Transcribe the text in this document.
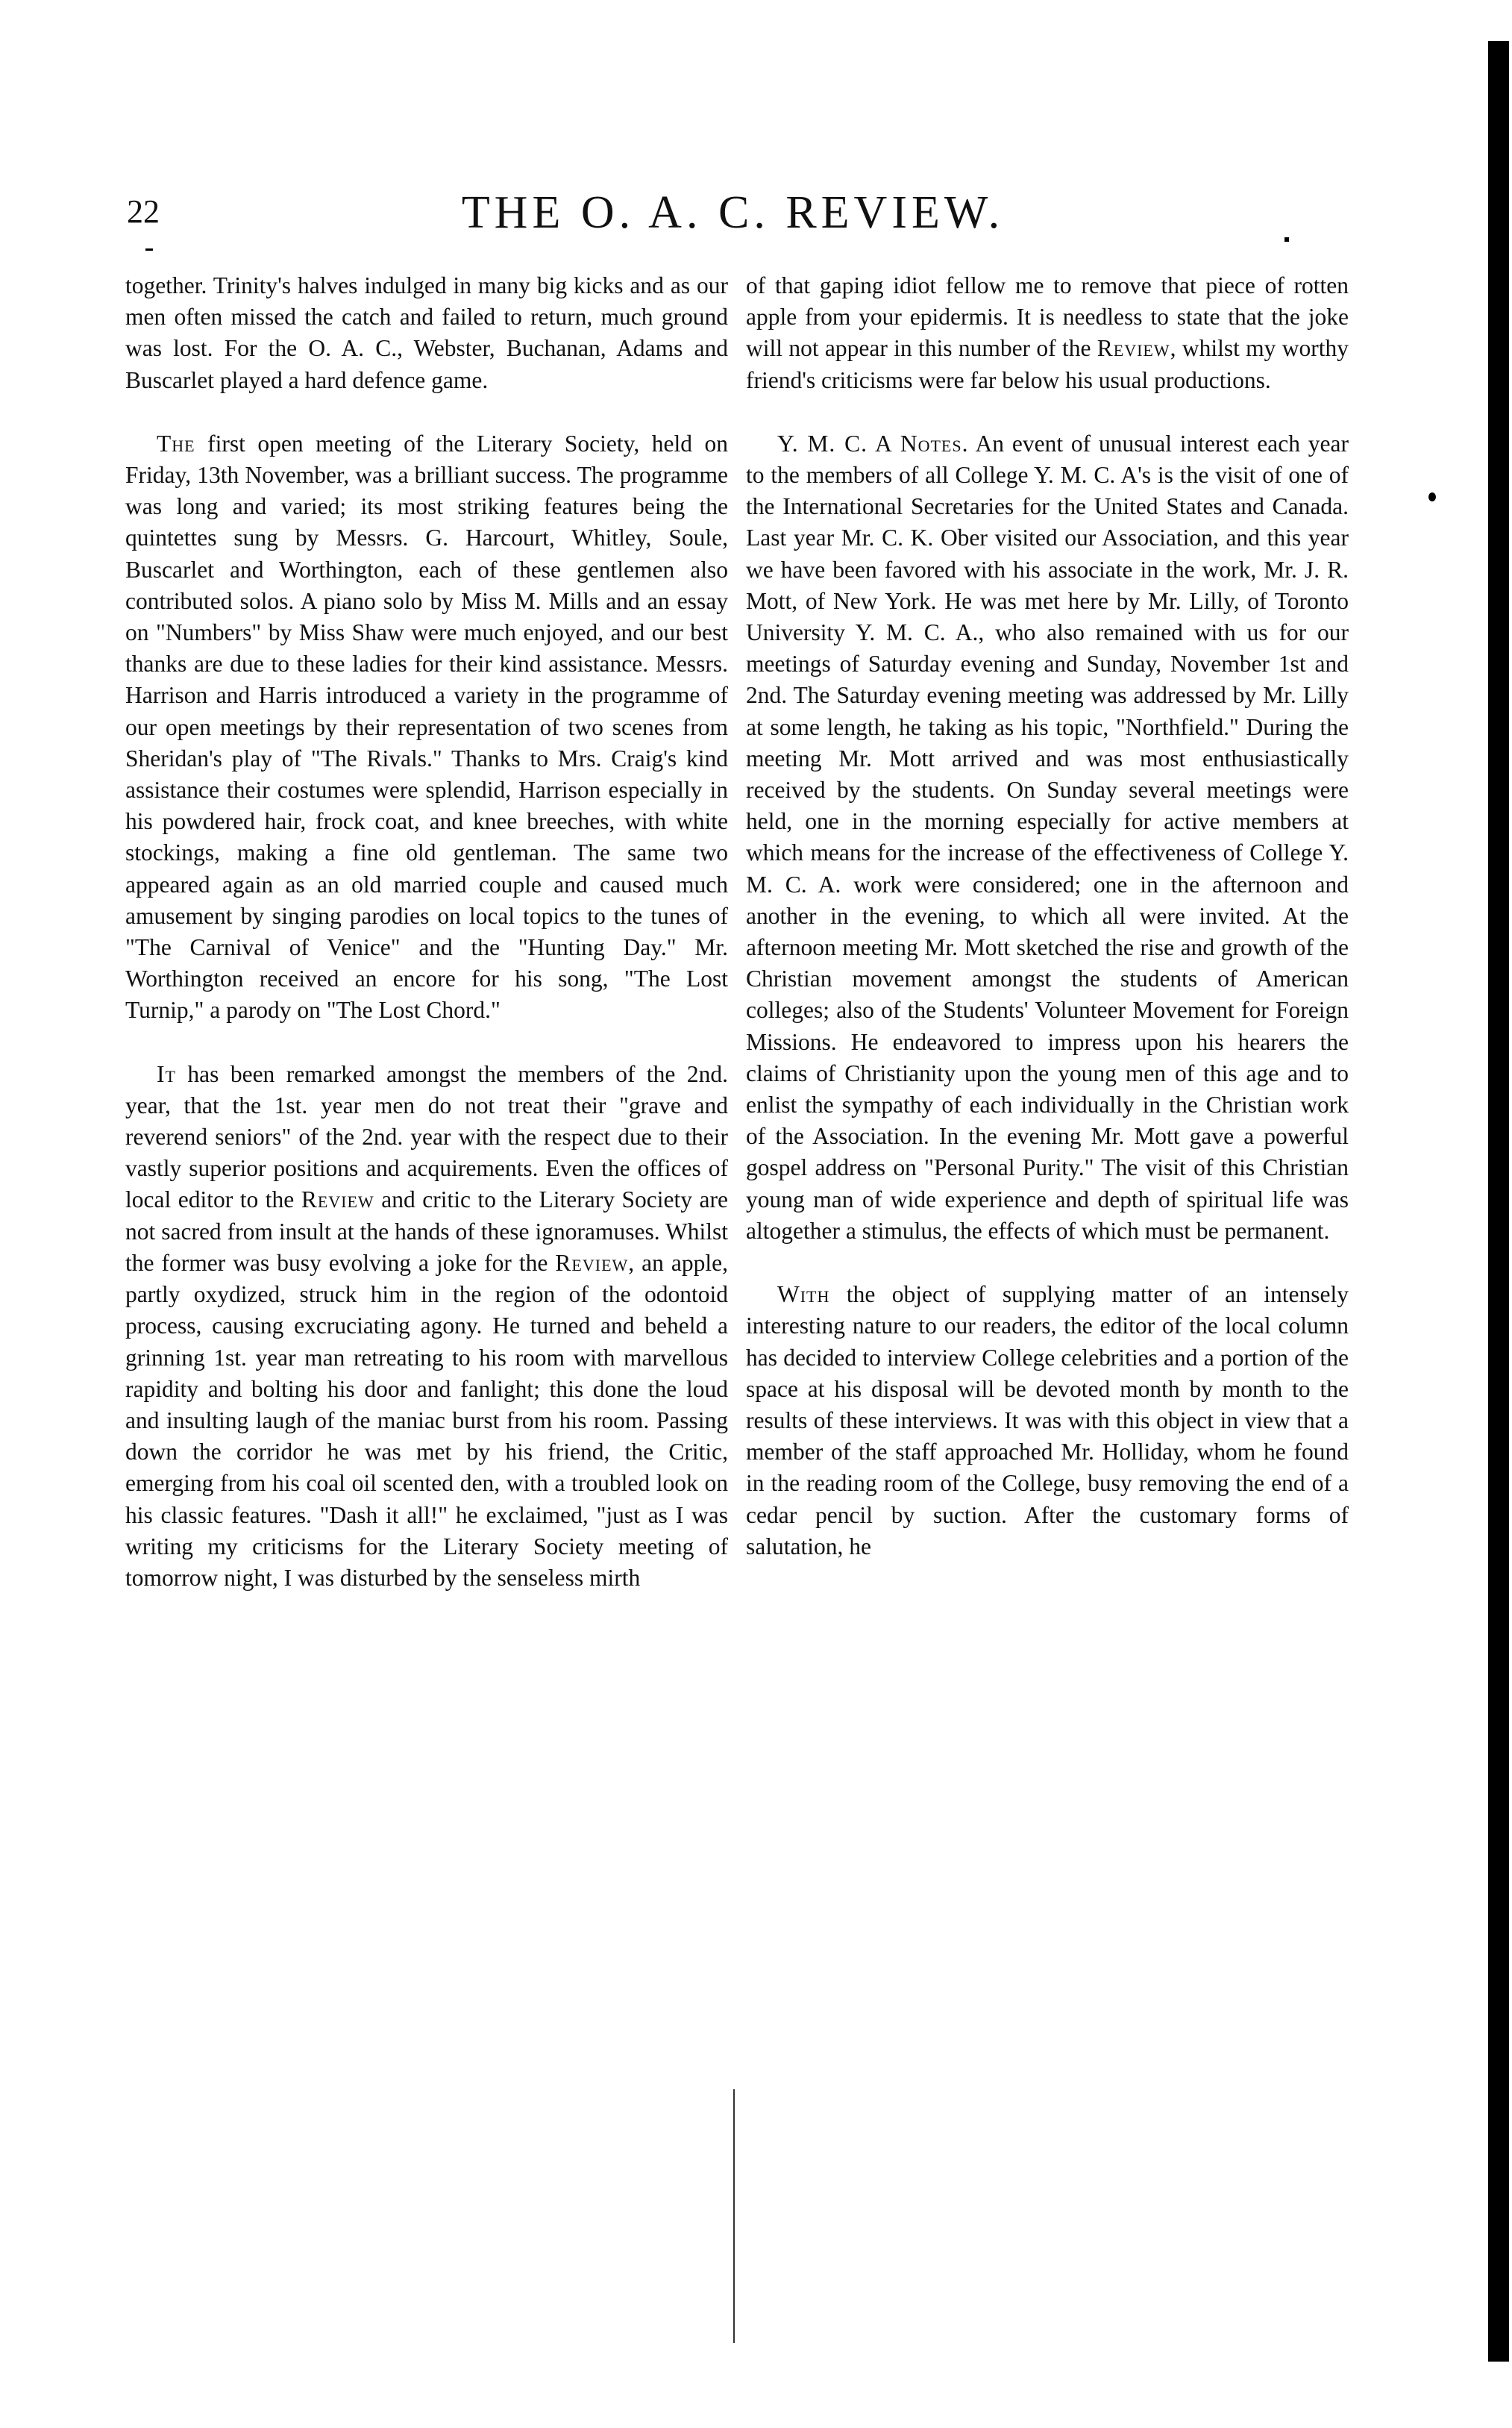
22	THE O. A. C. REVIEW.

together. Trinity's halves indulged in many big kicks and as our men often missed the catch and failed to return, much ground was lost. For the O. A. C., Webster, Buchanan, Adams and Buscarlet played a hard defence game.

The first open meeting of the Literary Society, held on Friday, 13th November, was a brilliant success. The programme was long and varied; its most striking features being the quintettes sung by Messrs. G. Harcourt, Whitley, Soule, Buscarlet and Worthington, each of these gentlemen also contributed solos. A piano solo by Miss M. Mills and an essay on "Numbers" by Miss Shaw were much enjoyed, and our best thanks are due to these ladies for their kind assistance. Messrs. Harrison and Harris introduced a variety in the programme of our open meetings by their representation of two scenes from Sheridan's play of "The Rivals." Thanks to Mrs. Craig's kind assistance their costumes were splendid, Harrison especially in his powdered hair, frock coat, and knee breeches, with white stockings, making a fine old gentleman. The same two appeared again as an old married couple and caused much amusement by singing parodies on local topics to the tunes of "The Carnival of Venice" and the "Hunting Day." Mr. Worthington received an encore for his song, "The Lost Turnip," a parody on "The Lost Chord."

It has been remarked amongst the members of the 2nd. year, that the 1st. year men do not treat their "grave and reverend seniors" of the 2nd. year with the respect due to their vastly superior positions and acquirements. Even the offices of local editor to the Review and critic to the Literary Society are not sacred from insult at the hands of these ignoramuses. Whilst the former was busy evolving a joke for the Review, an apple, partly oxydized, struck him in the region of the odontoid process, causing excruciating agony. He turned and beheld a grinning 1st. year man retreating to his room with marvellous rapidity and bolting his door and fanlight; this done the loud and insulting laugh of the maniac burst from his room. Passing down the corridor he was met by his friend, the Critic, emerging from his coal oil scented den, with a troubled look on his classic features. "Dash it all!" he exclaimed, "just as I was writing my criticisms for the Literary Society meeting of tomorrow night, I was disturbed by the senseless mirth

of that gaping idiot fellow me to remove that piece of rotten apple from your epidermis. It is needless to state that the joke will not appear in this number of the Review, whilst my worthy friend's criticisms were far below his usual productions.

Y. M. C. A Notes. An event of unusual interest each year to the members of all College Y. M. C. A's is the visit of one of the International Secretaries for the United States and Canada. Last year Mr. C. K. Ober visited our Association, and this year we have been favored with his associate in the work, Mr. J. R. Mott, of New York. He was met here by Mr. Lilly, of Toronto University Y. M. C. A., who also remained with us for our meetings of Saturday evening and Sunday, November 1st and 2nd. The Saturday evening meeting was addressed by Mr. Lilly at some length, he taking as his topic, "Northfield." During the meeting Mr. Mott arrived and was most enthusiastically received by the students. On Sunday several meetings were held, one in the morning especially for active members at which means for the increase of the effectiveness of College Y. M. C. A. work were considered; one in the afternoon and another in the evening, to which all were invited. At the afternoon meeting Mr. Mott sketched the rise and growth of the Christian movement amongst the students of American colleges; also of the Students' Volunteer Movement for Foreign Missions. He endeavored to impress upon his hearers the claims of Christianity upon the young men of this age and to enlist the sympathy of each individually in the Christian work of the Association. In the evening Mr. Mott gave a powerful gospel address on "Personal Purity." The visit of this Christian young man of wide experience and depth of spiritual life was altogether a stimulus, the effects of which must be permanent.

With the object of supplying matter of an intensely interesting nature to our readers, the editor of the local column has decided to interview College celebrities and a portion of the space at his disposal will be devoted month by month to the results of these interviews. It was with this object in view that a member of the staff approached Mr. Holliday, whom he found in the reading room of the College, busy removing the end of a cedar pencil by suction. After the customary forms of salutation, he
